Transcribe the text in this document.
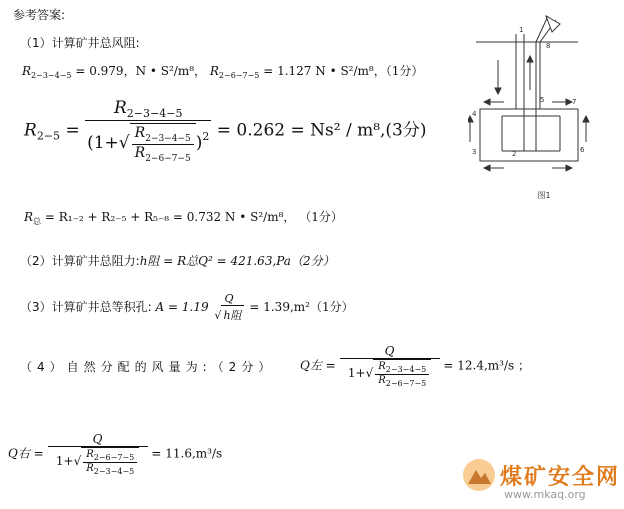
参考答案:
（1）计算矿井总风阻:
$R_{2-3-4-5} = 0.979$，N • S²/m⁸， $R_{2-6-7-5} = 1.127$ N • S²/m⁸，（1分）
$R_{2-5} = \frac{R_{2-3-4-5}}{(1+√ \frac{R_{2-3-4-5}}{R_{2-6-7-5}} )^2} = 0.262 = Ns^2 / m^8,(3$分)
$R_总 = R_{1-2} + R_{2-5} + R_{5-8} = 0.732$ N • S²/m⁸， （1分）
（2）计算矿井总阻力:h阻 = R总Q² = 421.63,Pa（2分）
（3）计算矿井总等积孔: A = 1.19
Q
√ h阻
= 1.39,m²（1分）
（4）自然分配的风量为:（2分） Q左 = $\frac{Q}{1+√ \frac{R_{2-3-4-5}}{R_{2-6-7-5}}} = 12.4,m^3/s$ ；
Q右 = $\frac{Q}{1+√ \frac{R_{2-6-7-5}}{R_{2-3-4-5}}} = 11.6,m^3/s$
1
2
3
4
5
6
7
8
图1
煤矿安全网
www.mkaq.org
